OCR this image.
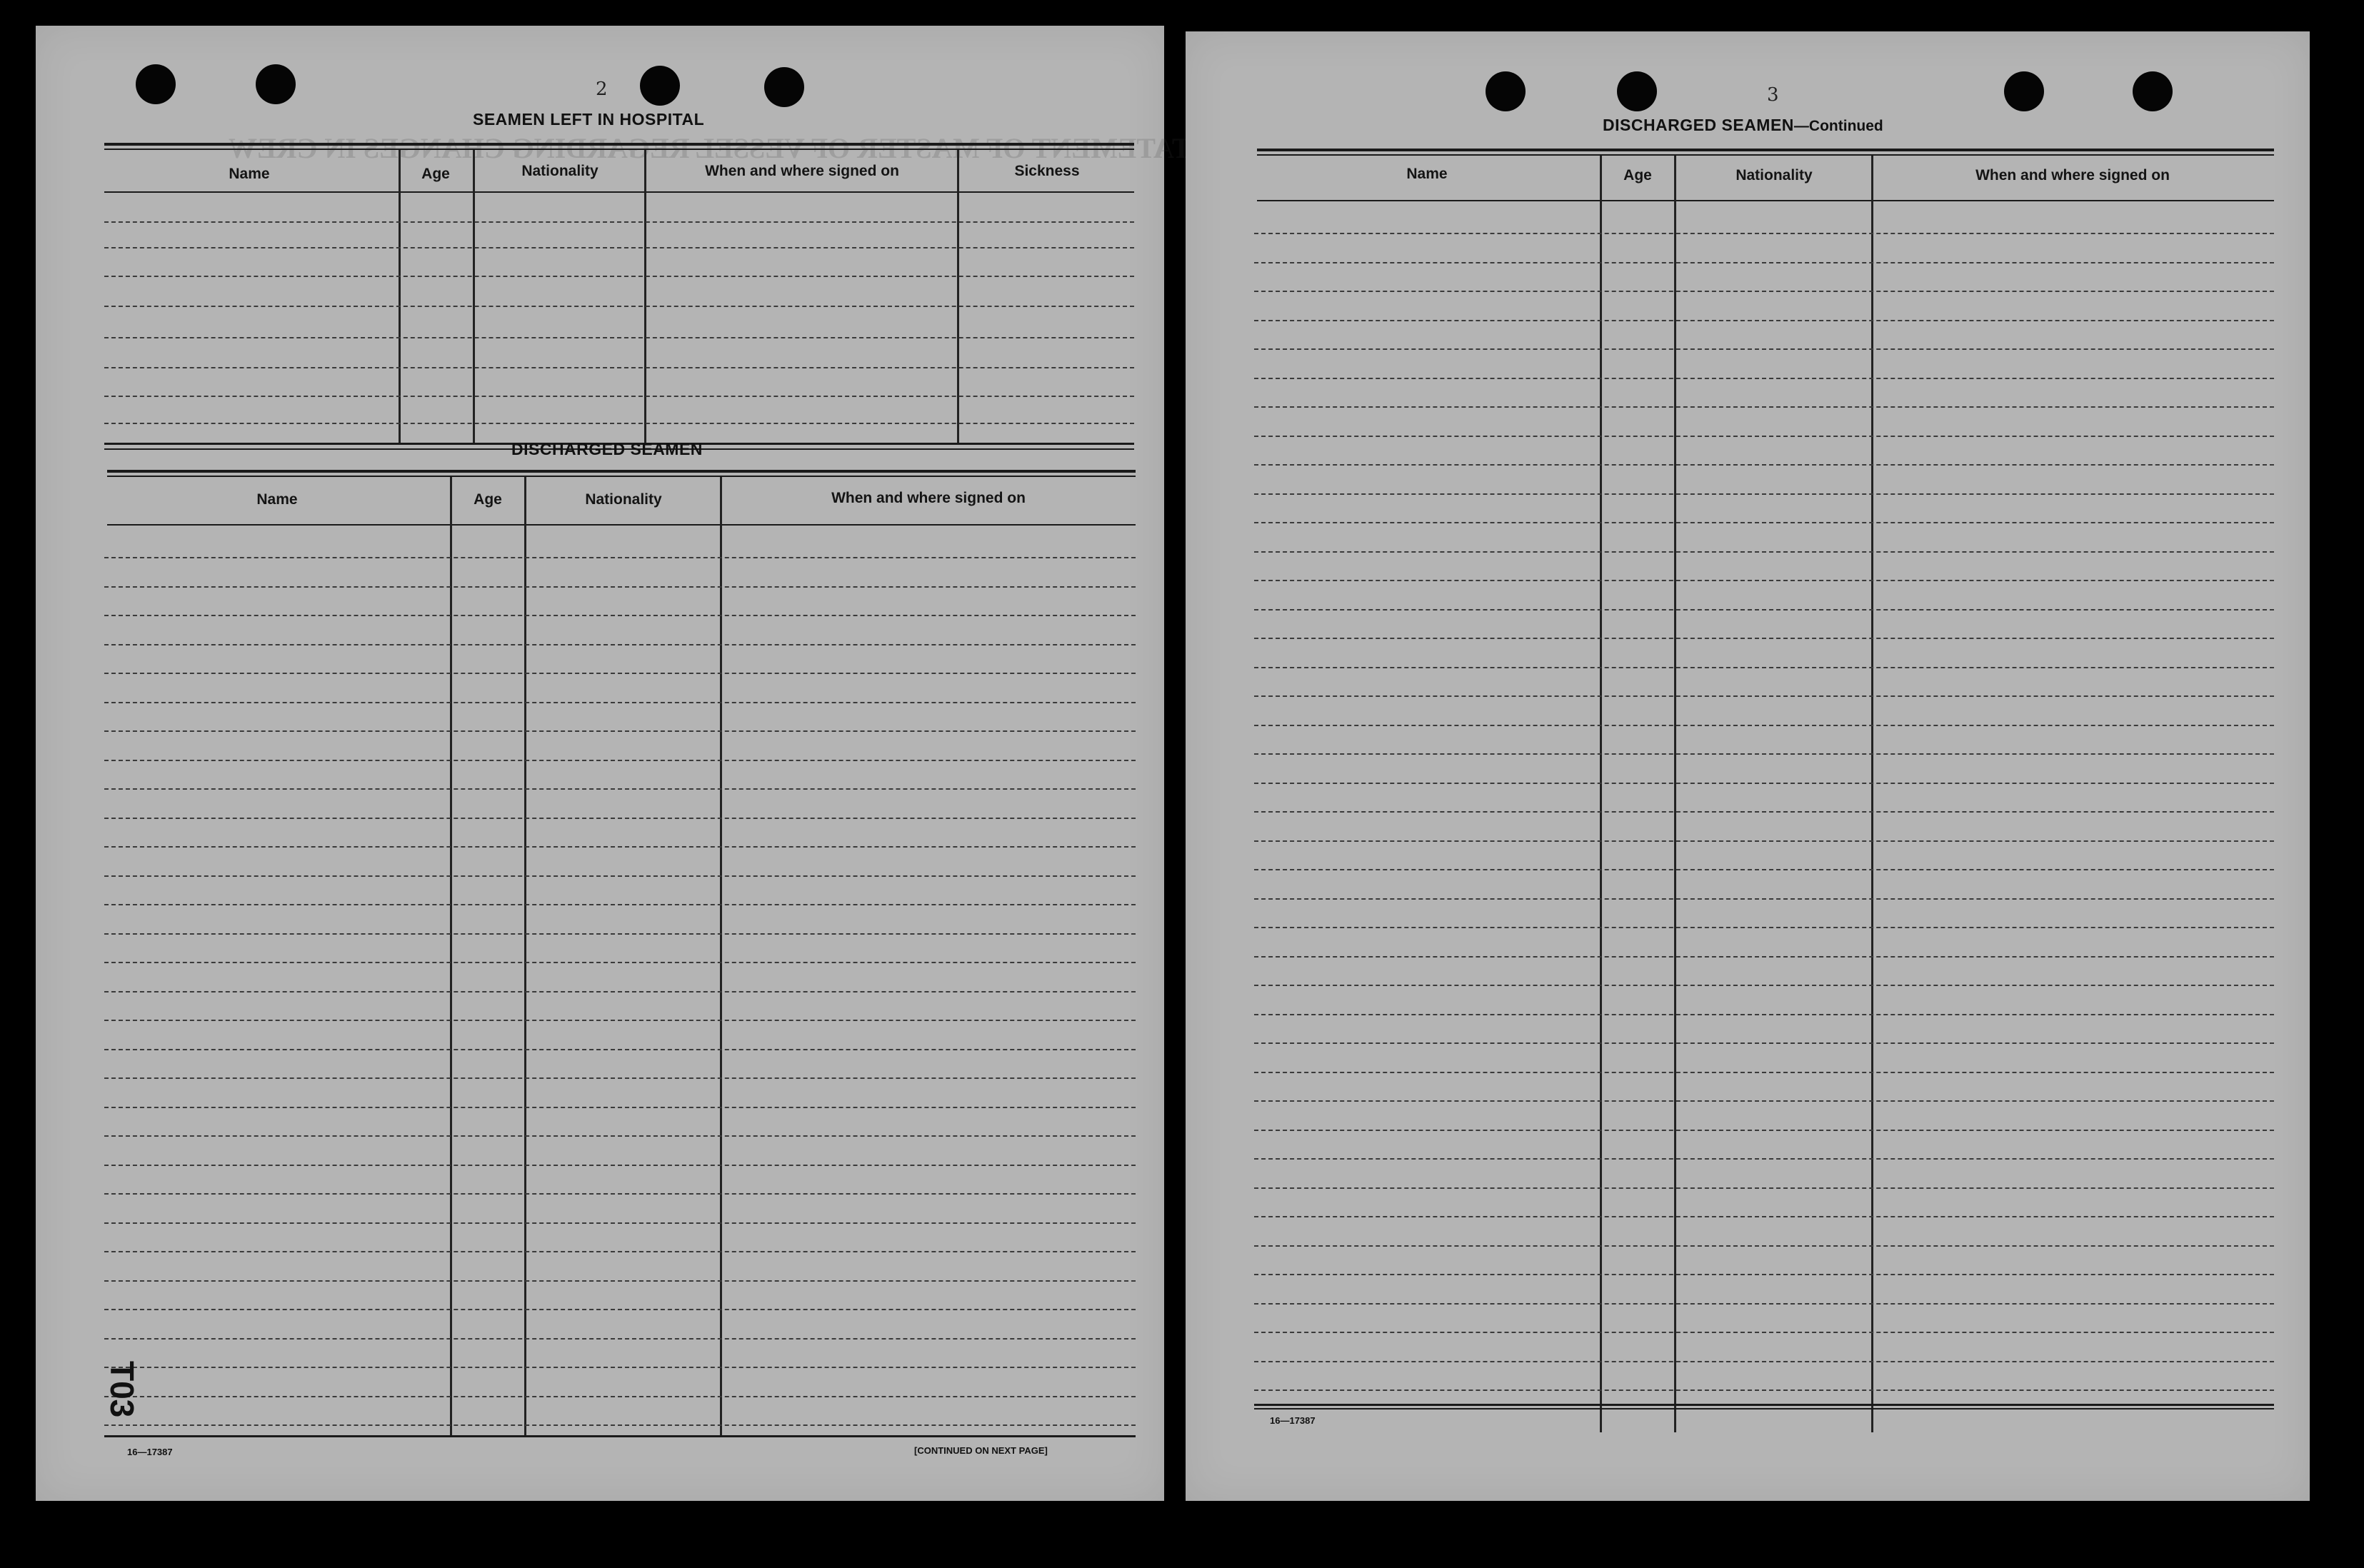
2
SEAMEN LEFT IN HOSPITAL
Name	Age	Nationality	When and where signed on	Sickness
DISCHARGED SEAMEN
Name	Age	Nationality	When and where signed on
T03
16—17387	[CONTINUED ON NEXT PAGE]
3
DISCHARGED SEAMEN—Continued
Name	Age	Nationality	When and where signed on
16—17387
